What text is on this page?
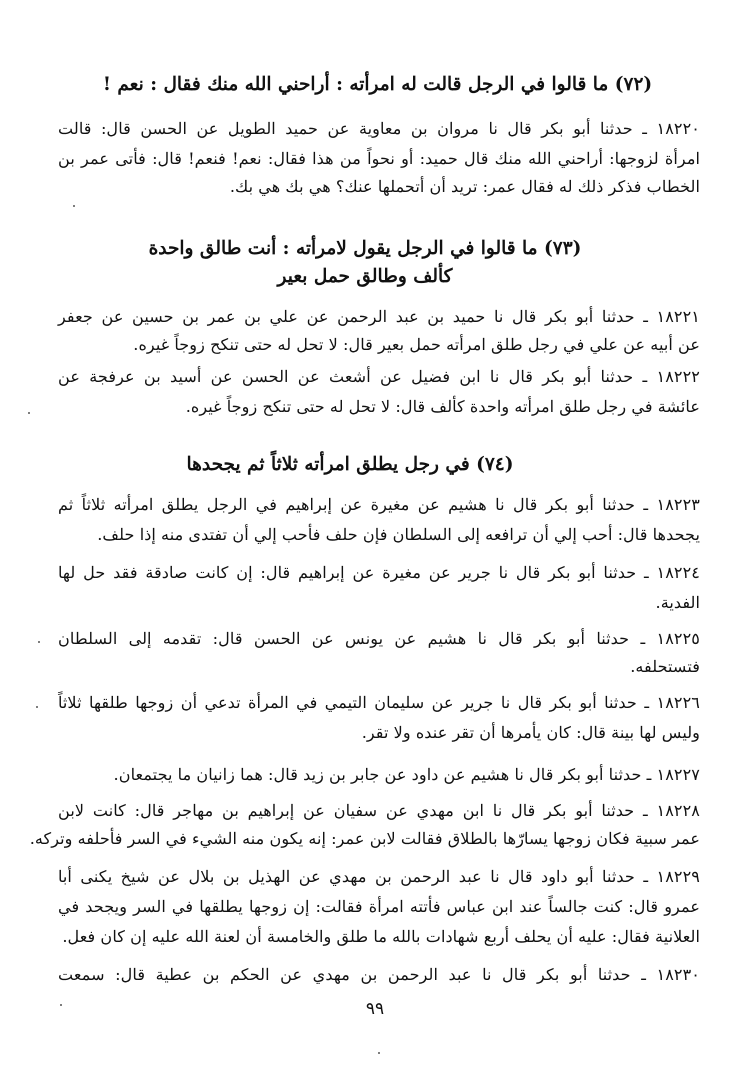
(٧٢) ما قالوا في الرجل قالت له امرأته : أراحني الله منك فقال : نعم !
١٨٢٢٠ ـ حدثنا أبو بكر قال نا مروان بن معاوية عن حميد الطويل عن الحسن قال: قالت
امرأة لزوجها: أراحني الله منك قال حميد: أو نحواً من هذا فقال: نعم! فنعم! قال: فأتى عمر بن
الخطاب فذكر ذلك له فقال عمر: تريد أن أتحملها عنك؟ هي بك هي بك.
(٧٣) ما قالوا في الرجل يقول لامرأته : أنت طالق واحدة
كألف وطالق حمل بعير
١٨٢٢١ ـ حدثنا أبو بكر قال نا حميد بن عبد الرحمن عن علي بن عمر بن حسين عن جعفر
عن أبيه عن علي في رجل طلق امرأته حمل بعير قال: لا تحل له حتى تنكح زوجاً غيره.
١٨٢٢٢ ـ حدثنا أبو بكر قال نا ابن فضيل عن أشعث عن الحسن عن أسيد بن عرفجة عن
عائشة في رجل طلق امرأته واحدة كألف قال: لا تحل له حتى تنكح زوجاً غيره.
(٧٤) في رجل يطلق امرأته ثلاثاً ثم يجحدها
١٨٢٢٣ ـ حدثنا أبو بكر قال نا هشيم عن مغيرة عن إبراهيم في الرجل يطلق امرأته ثلاثاً ثم
يجحدها قال: أحب إلي أن ترافعه إلى السلطان فإن حلف فأحب إلي أن تفتدى منه إذا حلف.
١٨٢٢٤ ـ حدثنا أبو بكر قال نا جرير عن مغيرة عن إبراهيم قال: إن كانت صادقة فقد حل لها
الفدية.
١٨٢٢٥ ـ حدثنا أبو بكر قال نا هشيم عن يونس عن الحسن قال: تقدمه إلى السلطان
فتستحلفه.
١٨٢٢٦ ـ حدثنا أبو بكر قال نا جرير عن سليمان التيمي في المرأة تدعي أن زوجها طلقها ثلاثاً
وليس لها بينة قال: كان يأمرها أن تقر عنده ولا تقر.
١٨٢٢٧ ـ حدثنا أبو بكر قال نا هشيم عن داود عن جابر بن زيد قال: هما زانيان ما يجتمعان.
١٨٢٢٨ ـ حدثنا أبو بكر قال نا ابن مهدي عن سفيان عن إبراهيم بن مهاجر قال: كانت لابن
عمر سبية فكان زوجها يسارّها بالطلاق فقالت لابن عمر: إنه يكون منه الشيء في السر فأحلفه وتركه.
١٨٢٢٩ ـ حدثنا أبو داود قال نا عبد الرحمن بن مهدي عن الهذيل بن بلال عن شيخ يكنى أبا
عمرو قال: كنت جالساً عند ابن عباس فأتته امرأة فقالت: إن زوجها يطلقها في السر ويجحد في
العلانية فقال: عليه أن يحلف أربع شهادات بالله ما طلق والخامسة أن لعنة الله عليه إن كان فعل.
١٨٢٣٠ ـ حدثنا أبو بكر قال نا عبد الرحمن بن مهدي عن الحكم بن عطية قال: سمعت
٩٩
